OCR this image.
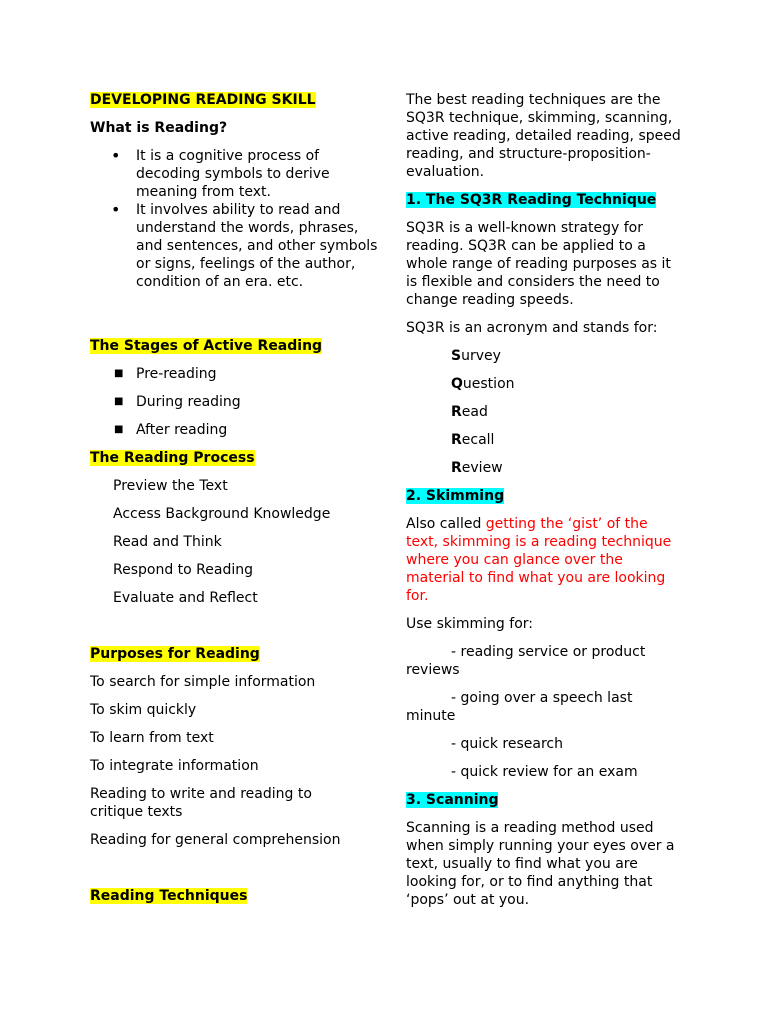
DEVELOPING READING SKILL

What is Reading?

• It is a cognitive process of decoding symbols to derive meaning from text.
• It involves ability to read and understand the words, phrases, and sentences, and other symbols or signs, feelings of the author, condition of an era. etc.

The Stages of Active Reading

■ Pre-reading
■ During reading
■ After reading

The Reading Process

Preview the Text

Access Background Knowledge

Read and Think

Respond to Reading

Evaluate and Reflect

Purposes for Reading

To search for simple information

To skim quickly

To learn from text

To integrate information

Reading to write and reading to critique texts

Reading for general comprehension

Reading Techniques

The best reading techniques are the SQ3R technique, skimming, scanning, active reading, detailed reading, speed reading, and structure-proposition-evaluation.

1. The SQ3R Reading Technique

SQ3R is a well-known strategy for reading. SQ3R can be applied to a whole range of reading purposes as it is flexible and considers the need to change reading speeds.

SQ3R is an acronym and stands for:

Survey

Question

Read

Recall

Review

2. Skimming

Also called getting the ‘gist’ of the text, skimming is a reading technique where you can glance over the material to find what you are looking for.

Use skimming for:

- reading service or product reviews

- going over a speech last minute

- quick research

- quick review for an exam

3. Scanning

Scanning is a reading method used when simply running your eyes over a text, usually to find what you are looking for, or to find anything that ‘pops’ out at you.
